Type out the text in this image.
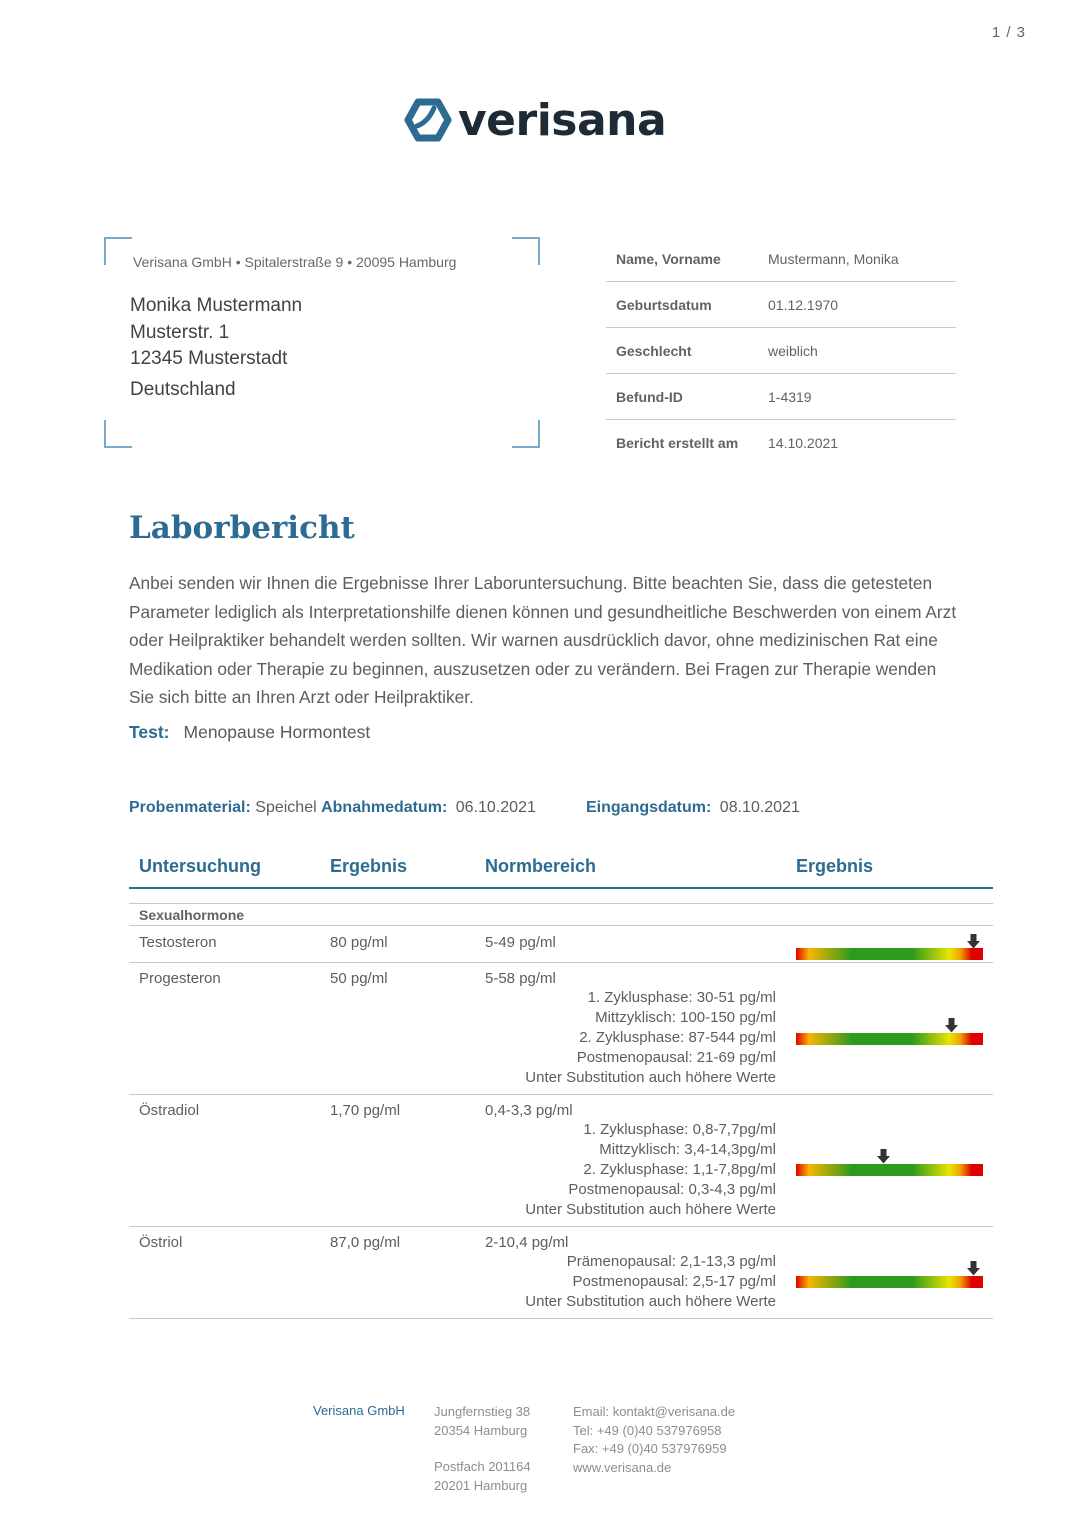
1 / 3
verisana
Verisana GmbH • Spitalerstraße 9 • 20095 Hamburg
Monika Mustermann
Musterstr. 1
12345 Musterstadt
Deutschland
Name, Vorname	Mustermann, Monika
Geburtsdatum	01.12.1970
Geschlecht	weiblich
Befund-ID	1-4319
Bericht erstellt am	14.10.2021
Laborbericht
Anbei senden wir Ihnen die Ergebnisse Ihrer Laboruntersuchung. Bitte beachten Sie, dass die getesteten Parameter lediglich als Interpretationshilfe dienen können und gesundheitliche Beschwerden von einem Arzt oder Heilpraktiker behandelt werden sollten. Wir warnen ausdrücklich davor, ohne medizinischen Rat eine Medikation oder Therapie zu beginnen, auszusetzen oder zu verändern. Bei Fragen zur Therapie wenden Sie sich bitte an Ihren Arzt oder Heilpraktiker.
Test: Menopause Hormontest
Probenmaterial: Speichel Abnahmedatum: 06.10.2021	Eingangsdatum: 08.10.2021
Untersuchung	Ergebnis	Normbereich	Ergebnis
Sexualhormone
Testosteron	80 pg/ml	5-49 pg/ml
Progesteron	50 pg/ml	5-58 pg/ml
1. Zyklusphase: 30-51 pg/ml
Mittzyklisch: 100-150 pg/ml
2. Zyklusphase: 87-544 pg/ml
Postmenopausal: 21-69 pg/ml
Unter Substitution auch höhere Werte
Östradiol	1,70 pg/ml	0,4-3,3 pg/ml
1. Zyklusphase: 0,8-7,7pg/ml
Mittzyklisch: 3,4-14,3pg/ml
2. Zyklusphase: 1,1-7,8pg/ml
Postmenopausal: 0,3-4,3 pg/ml
Unter Substitution auch höhere Werte
Östriol	87,0 pg/ml	2-10,4 pg/ml
Prämenopausal: 2,1-13,3 pg/ml
Postmenopausal: 2,5-17 pg/ml
Unter Substitution auch höhere Werte
Verisana GmbH Jungfernstieg 38
20354 Hamburg
Postfach 201164
20201 Hamburg
Email: kontakt@verisana.de
Tel: +49 (0)40 537976958
Fax: +49 (0)40 537976959
www.verisana.de
